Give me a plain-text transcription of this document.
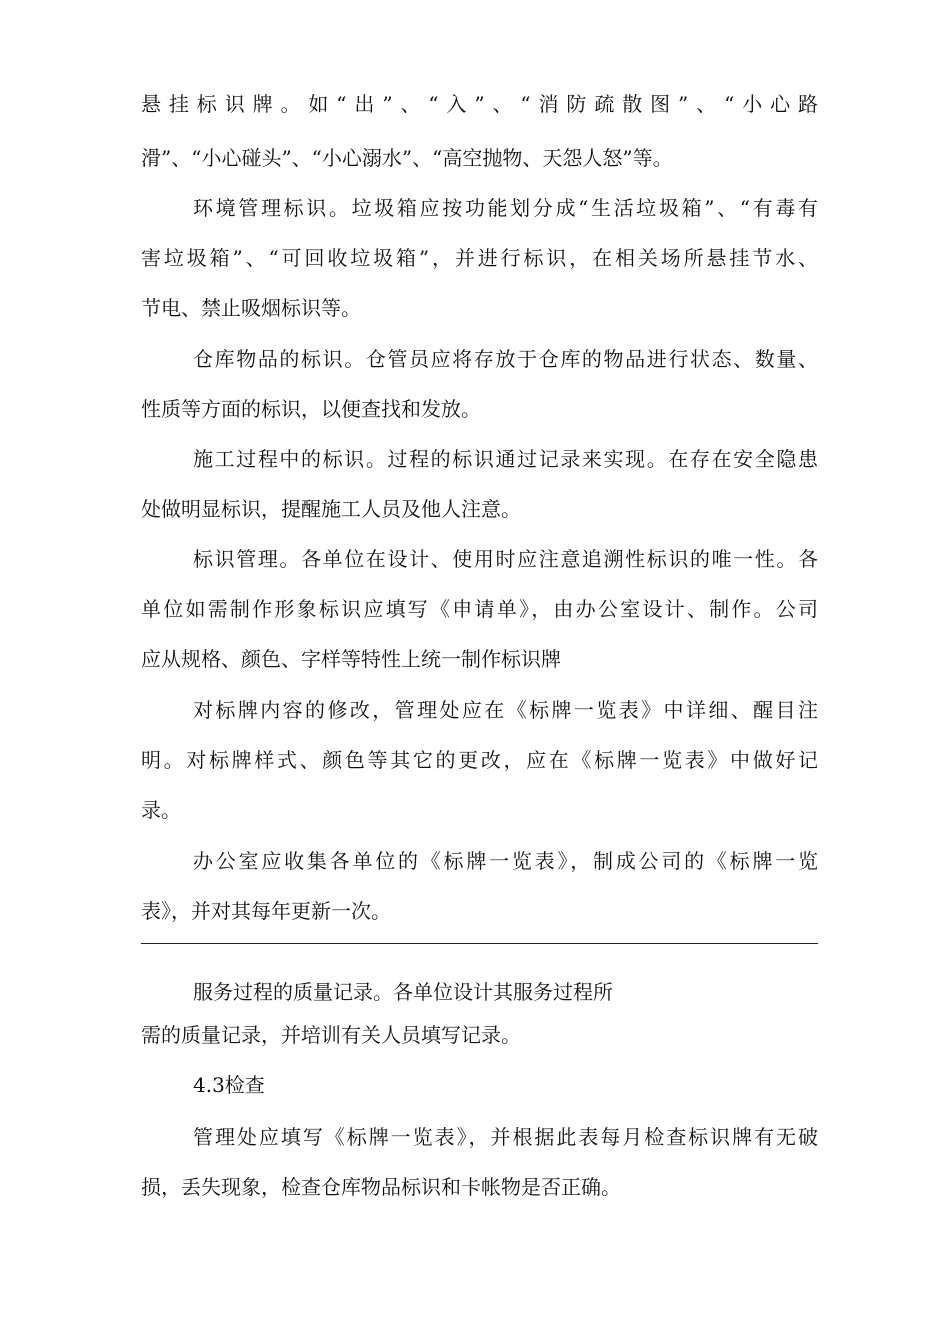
悬挂标识牌。如“出”、“入”、“消防疏散图”、“小心路
滑”、“小心碰头”、“小心溺水”、“高空抛物、天怨人怒”等。
环境管理标识。垃圾箱应按功能划分成“生活垃圾箱”、“有毒有
害垃圾箱”、“可回收垃圾箱”，并进行标识，在相关场所悬挂节水、
节电、禁止吸烟标识等。
仓库物品的标识。仓管员应将存放于仓库的物品进行状态、数量、
性质等方面的标识，以便查找和发放。
施工过程中的标识。过程的标识通过记录来实现。在存在安全隐患
处做明显标识，提醒施工人员及他人注意。
标识管理。各单位在设计、使用时应注意追溯性标识的唯一性。各
单位如需制作形象标识应填写《申请单》，由办公室设计、制作。公司
应从规格、颜色、字样等特性上统一制作标识牌
对标牌内容的修改，管理处应在《标牌一览表》中详细、醒目注
明。对标牌样式、颜色等其它的更改，应在《标牌一览表》中做好记
录。
办公室应收集各单位的《标牌一览表》，制成公司的《标牌一览
表》，并对其每年更新一次。
服务过程的质量记录。各单位设计其服务过程所
需的质量记录，并培训有关人员填写记录。
4.3检查
管理处应填写《标牌一览表》，并根据此表每月检查标识牌有无破
损，丢失现象，检查仓库物品标识和卡帐物是否正确。
